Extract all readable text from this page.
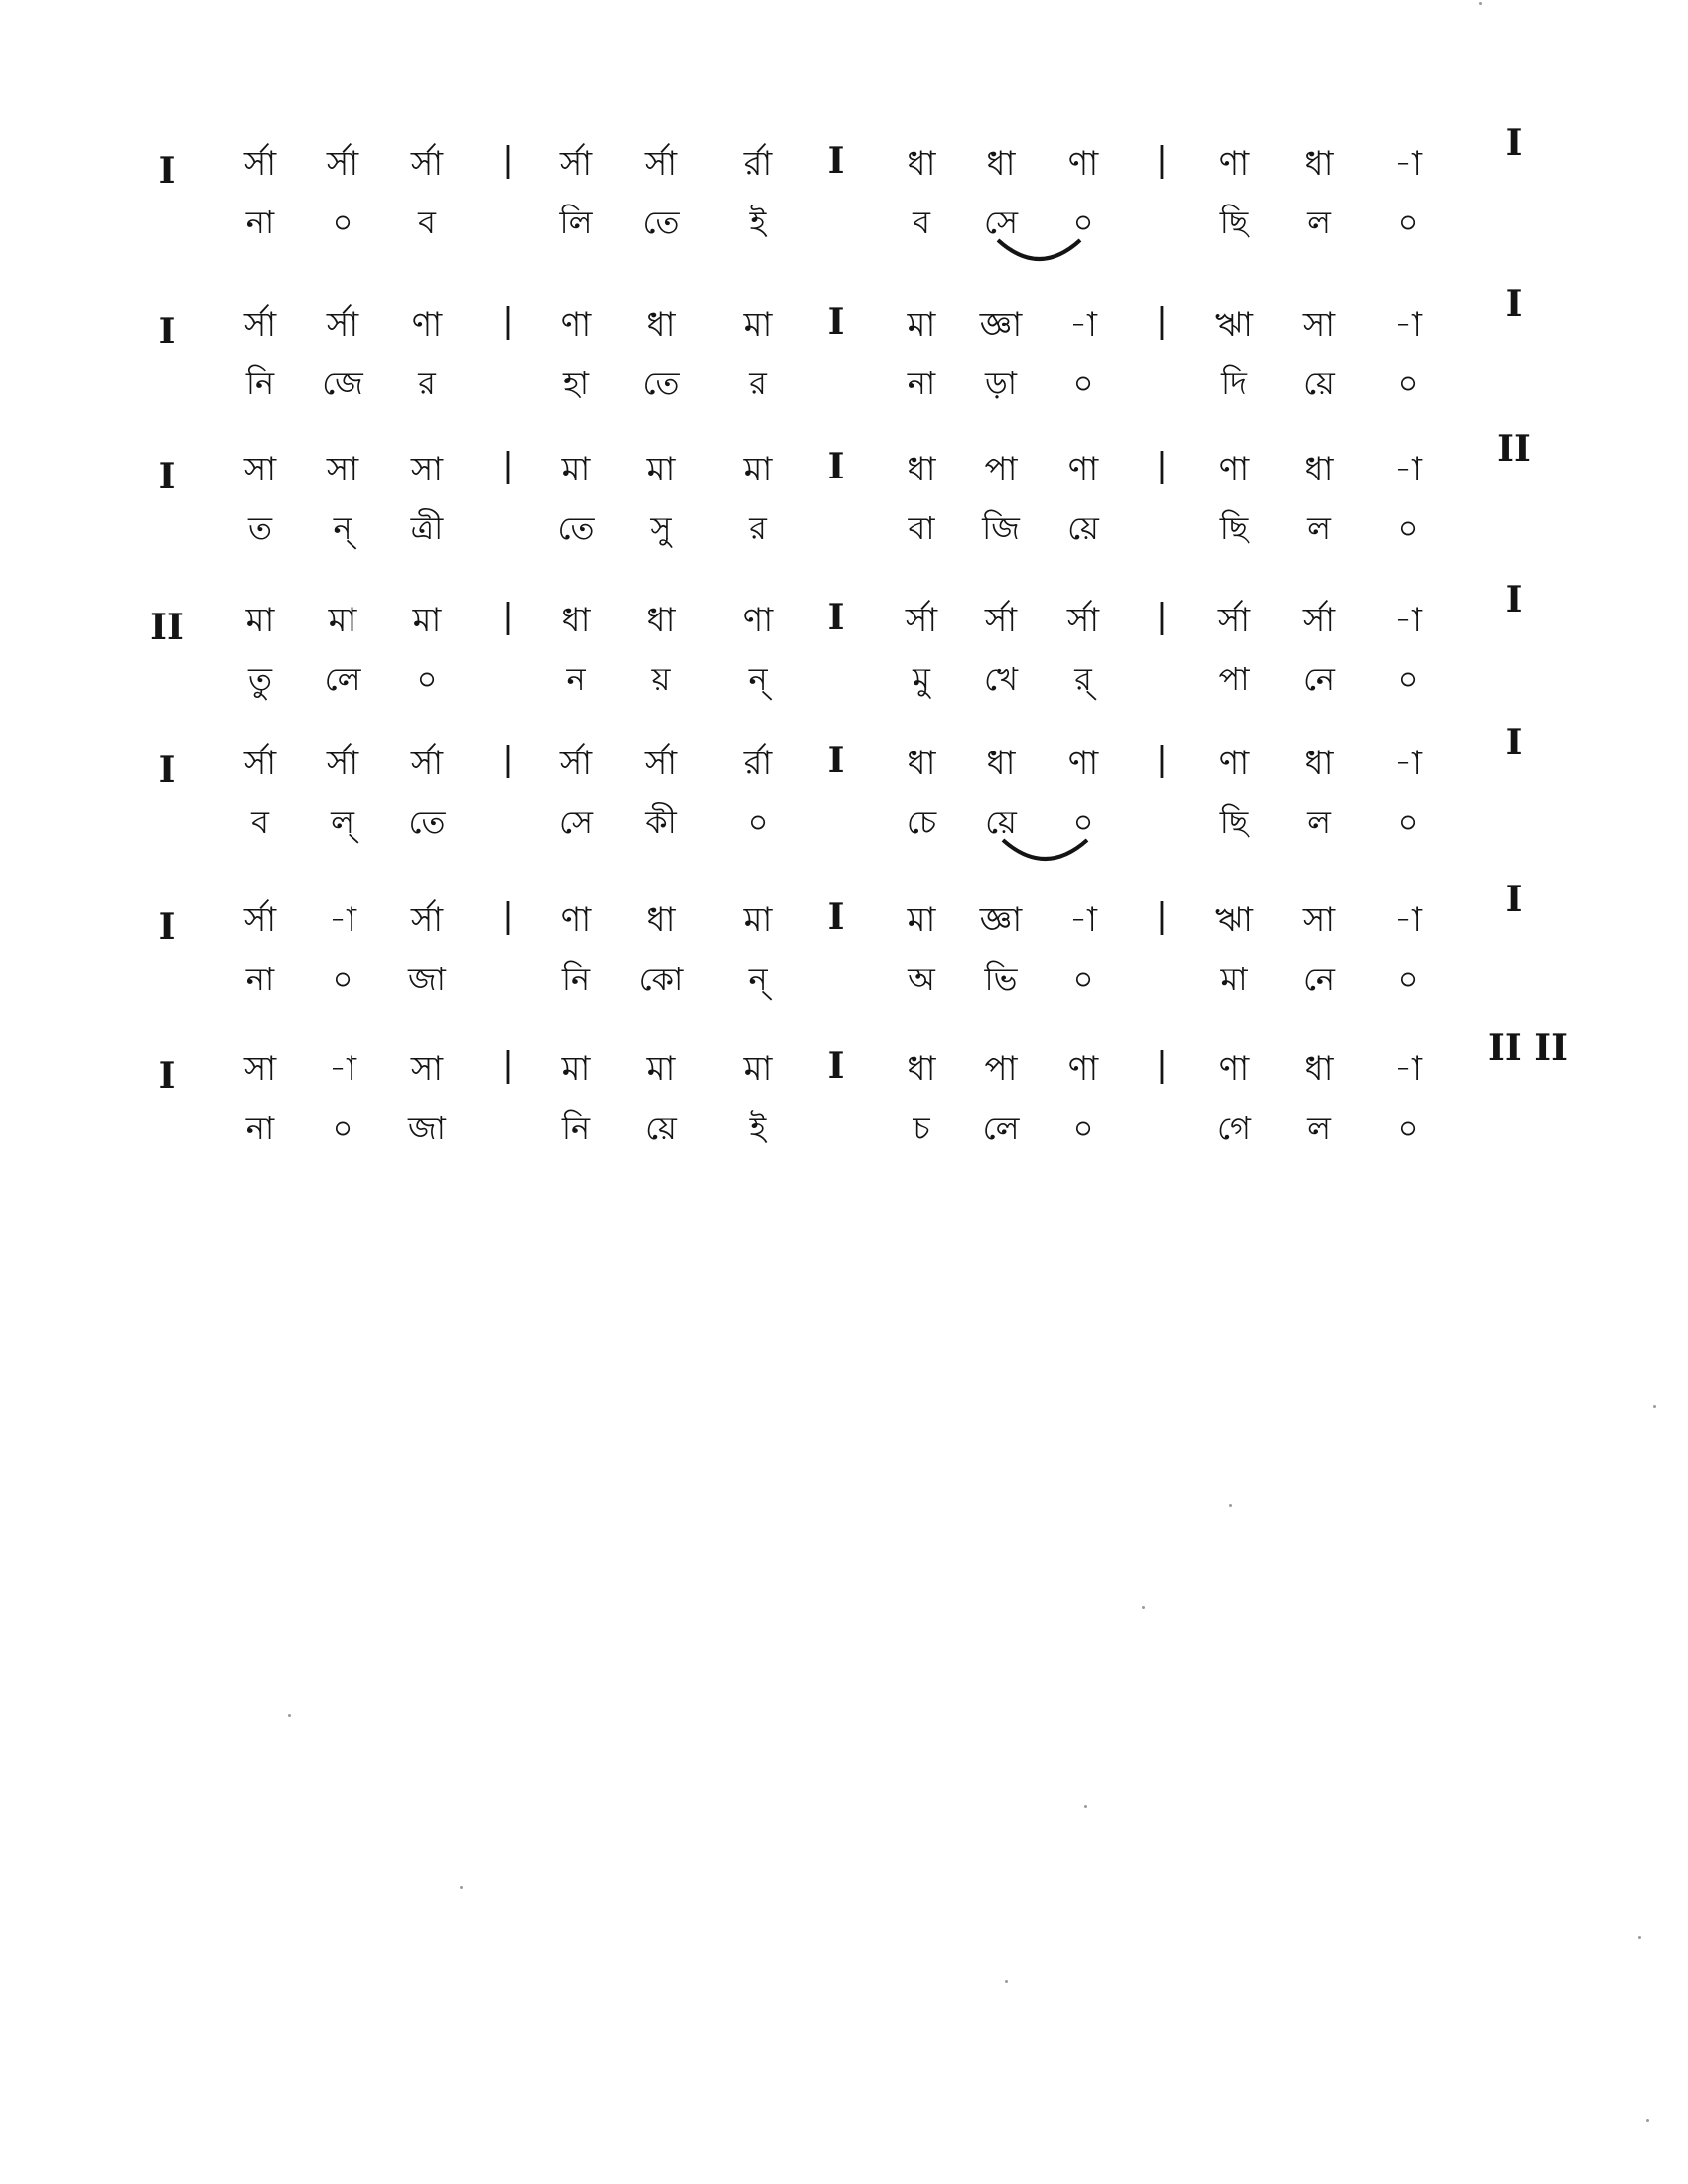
I র্সা র্সা র্সা	র্সা র্সা র্রা	ধা ধা ণা	ণা ধা -া
না ০ ব	লি তে ই	ব সে ০	ছি ল ০
|	I	|	I
I র্সা র্সা ণা	ণা ধা মা	মা জ্ঞা -া	ঋা সা -া
নি জে র	হা তে র	না ড়া ০	দি য়ে ০
|	I	|	I
I সা সা সা	মা মা মা	ধা পা ণা	ণা ধা -া
ত ন্ ত্রী	তে সু র	বা জি য়ে	ছি ল ০
|	I	|	II
II মা মা মা	ধা ধা ণা	র্সা র্সা র্সা	র্সা র্সা -া
তু লে ০	ন য় ন্	মু খে র্	পা নে ০
|	I	|	I
I র্সা র্সা র্সা	র্সা র্সা র্রা	ধা ধা ণা	ণা ধা -া
ব ল্ তে	সে কী ০	চে য়ে ০	ছি ল ০
|	I	|	I
I র্সা -া র্সা	ণা ধা মা	মা জ্ঞা -া	ঋা সা -া
না ০ জা	নি কো ন্	অ ভি ০	মা নে ০
|	I	|	I
I সা -া সা	মা মা মা	ধা পা ণা	ণা ধা -া
না ০ জা	নি য়ে ই	চ লে ০	গে ল ০
|	I	|	II II
